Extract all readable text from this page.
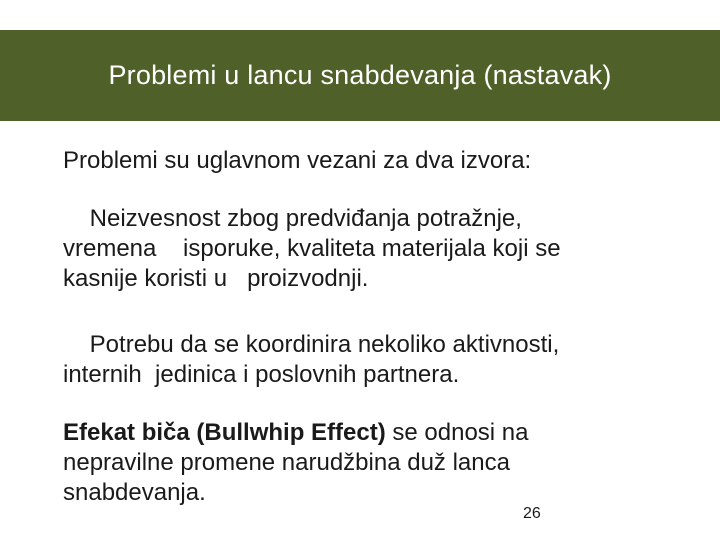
Problemi u lancu snabdevanja (nastavak)
Problemi su uglavnom vezani za dva izvora:
Neizvesnost zbog predviđanja potražnje,
vremena    isporuke, kvaliteta materijala koji se
kasnije koristi u   proizvodnji.
Potrebu da se koordinira nekoliko aktivnosti,
internih  jedinica i poslovnih partnera.
Efekat biča (Bullwhip Effect) se odnosi na
nepravilne promene narudžbina duž lanca
snabdevanja.
26
